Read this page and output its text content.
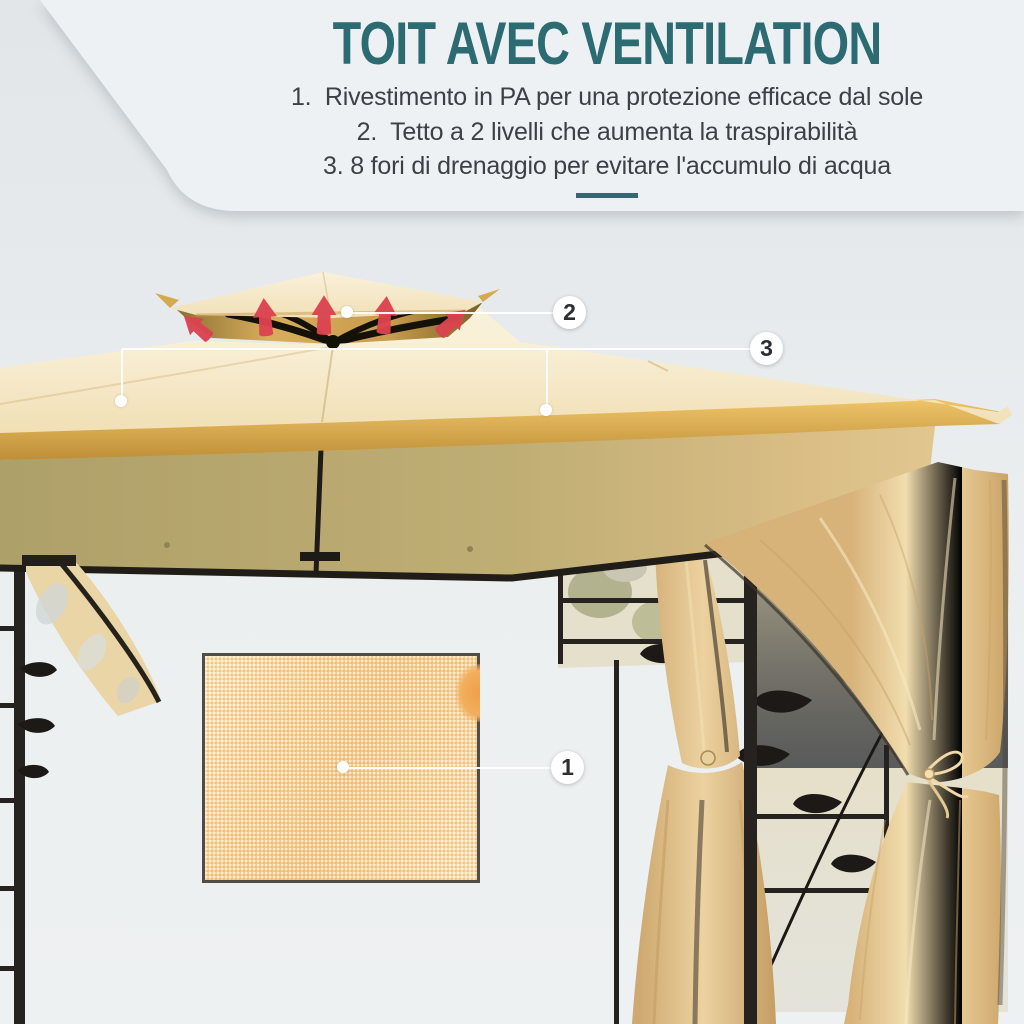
TOIT AVEC VENTILATION
1.  Rivestimento in PA per una protezione efficace dal sole
2.  Tetto a 2 livelli che aumenta la traspirabilità
3. 8 fori di drenaggio per evitare l'accumulo di acqua
2
3
1
